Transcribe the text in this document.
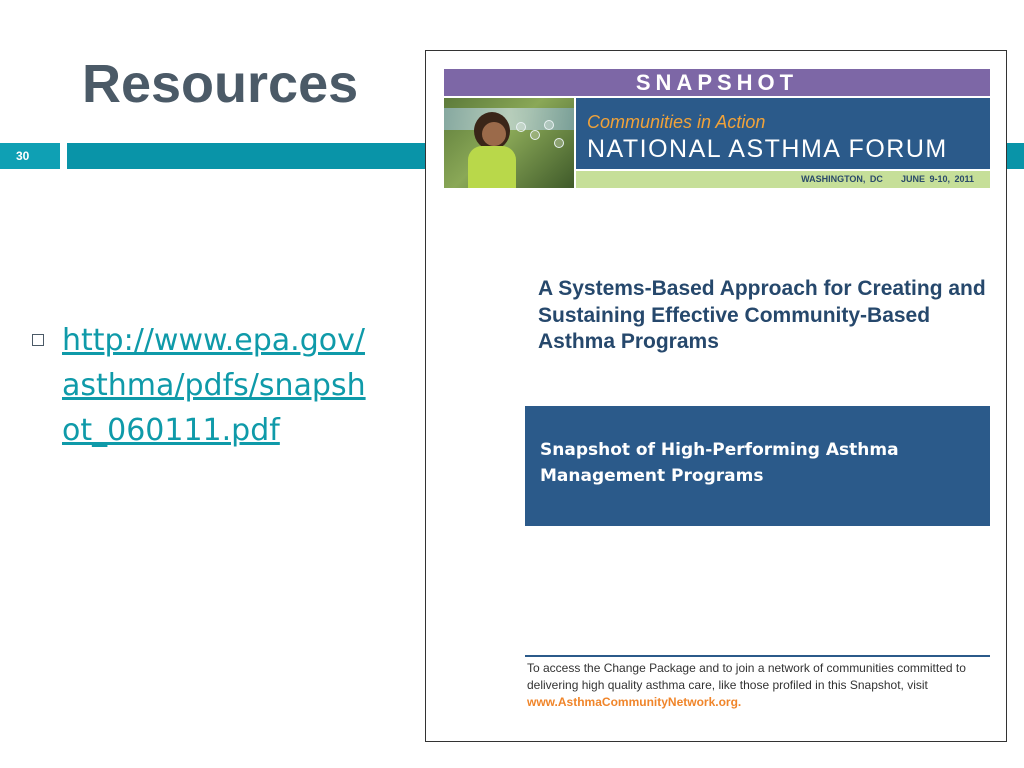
Resources
30
http://www.epa.gov/asthma/pdfs/snapshot_060111.pdf
SNAPSHOT
Communities in Action
NATIONAL ASTHMA FORUM
WASHINGTON, DC JUNE 9-10, 2011
A Systems-Based Approach for Creating and Sustaining Effective Community-Based Asthma Programs

Snapshot of High-Performing Asthma Management Programs

To access the Change Package and to join a network of communities committed to delivering high quality asthma care, like those profiled in this Snapshot, visit www.AsthmaCommunityNetwork.org.
